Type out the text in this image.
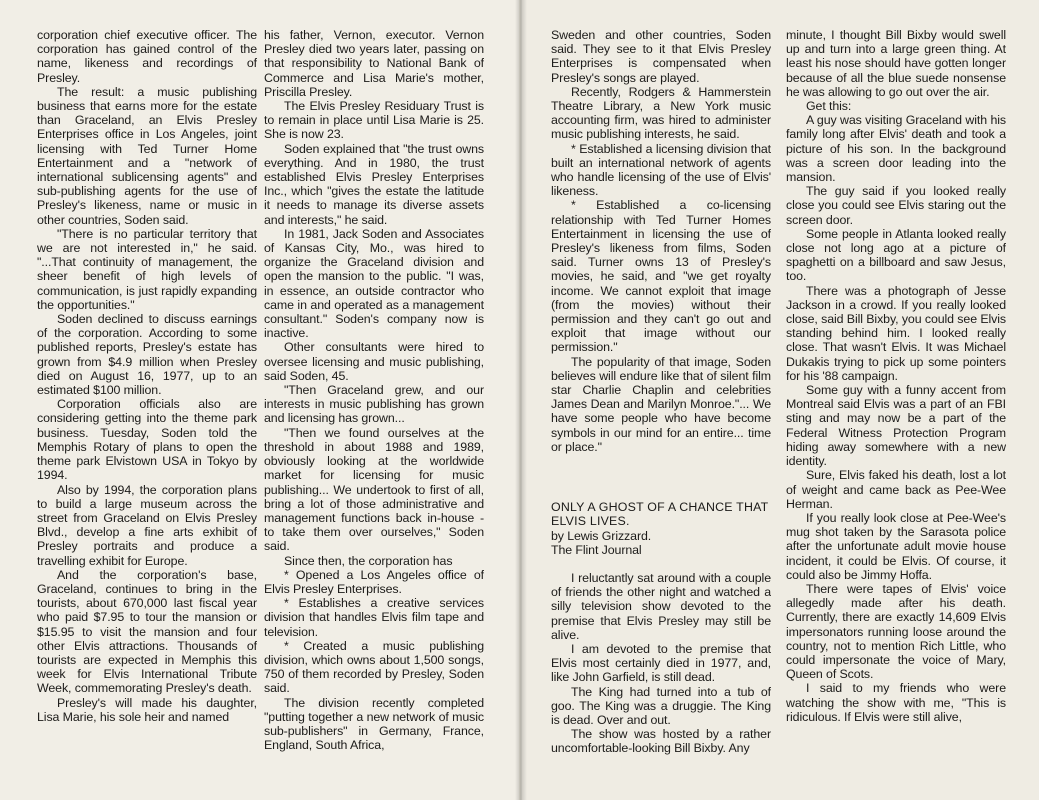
corporation chief executive officer. The corporation has gained control of the name, likeness and recordings of Presley.

The result: a music publishing business that earns more for the estate than Graceland, an Elvis Presley Enterprises office in Los Angeles, joint licensing with Ted Turner Home Entertainment and a "network of international sublicensing agents" and sub-publishing agents for the use of Presley's likeness, name or music in other countries, Soden said.

"There is no particular territory that we are not interested in," he said. "...That continuity of management, the sheer benefit of high levels of communication, is just rapidly expanding the opportunities."

Soden declined to discuss earnings of the corporation. According to some published reports, Presley's estate has grown from $4.9 million when Presley died on August 16, 1977, up to an estimated $100 million.

Corporation officials also are considering getting into the theme park business. Tuesday, Soden told the Memphis Rotary of plans to open the theme park Elvistown USA in Tokyo by 1994.

Also by 1994, the corporation plans to build a large museum across the street from Graceland on Elvis Presley Blvd., develop a fine arts exhibit of Presley portraits and produce a travelling exhibit for Europe.

And the corporation's base, Graceland, continues to bring in the tourists, about 670,000 last fiscal year who paid $7.95 to tour the mansion or $15.95 to visit the mansion and four other Elvis attractions. Thousands of tourists are expected in Memphis this week for Elvis International Tribute Week, commemorating Presley's death.

Presley's will made his daughter, Lisa Marie, his sole heir and named

his father, Vernon, executor. Vernon Presley died two years later, passing on that responsibility to National Bank of Commerce and Lisa Marie's mother, Priscilla Presley.

The Elvis Presley Residuary Trust is to remain in place until Lisa Marie is 25. She is now 23.

Soden explained that "the trust owns everything. And in 1980, the trust established Elvis Presley Enterprises Inc., which "gives the estate the latitude it needs to manage its diverse assets and interests," he said.

In 1981, Jack Soden and Associates of Kansas City, Mo., was hired to organize the Graceland division and open the mansion to the public. "I was, in essence, an outside contractor who came in and operated as a management consultant." Soden's company now is inactive.

Other consultants were hired to oversee licensing and music publishing, said Soden, 45.

"Then Graceland grew, and our interests in music publishing has grown and licensing has grown...

"Then we found ourselves at the threshold in about 1988 and 1989, obviously looking at the worldwide market for licensing for music publishing... We undertook to first of all, bring a lot of those administrative and management functions back in-house - to take them over ourselves," Soden said.

Since then, the corporation has

* Opened a Los Angeles office of Elvis Presley Enterprises.

* Establishes a creative services division that handles Elvis film tape and television.

* Created a music publishing division, which owns about 1,500 songs, 750 of them recorded by Presley, Soden said.

The division recently completed "putting together a new network of music sub-publishers" in Germany, France, England, South Africa,

Sweden and other countries, Soden said. They see to it that Elvis Presley Enterprises is compensated when Presley's songs are played.

Recently, Rodgers & Hammerstein Theatre Library, a New York music accounting firm, was hired to administer music publishing interests, he said.

* Established a licensing division that built an international network of agents who handle licensing of the use of Elvis' likeness.

* Established a co-licensing relationship with Ted Turner Homes Entertainment in licensing the use of Presley's likeness from films, Soden said. Turner owns 13 of Presley's movies, he said, and "we get royalty income. We cannot exploit that image (from the movies) without their permission and they can't go out and exploit that image without our permission."

The popularity of that image, Soden believes will endure like that of silent film star Charlie Chaplin and celebrities James Dean and Marilyn Monroe."... We have some people who have become symbols in our mind for an entire... time or place."

ONLY A GHOST OF A CHANCE THAT ELVIS LIVES.

by Lewis Grizzard.

The Flint Journal

I reluctantly sat around with a couple of friends the other night and watched a silly television show devoted to the premise that Elvis Presley may still be alive.

I am devoted to the premise that Elvis most certainly died in 1977, and, like John Garfield, is still dead.

The King had turned into a tub of goo. The King was a druggie. The King is dead. Over and out.

The show was hosted by a rather uncomfortable-looking Bill Bixby. Any

minute, I thought Bill Bixby would swell up and turn into a large green thing. At least his nose should have gotten longer because of all the blue suede nonsense he was allowing to go out over the air.

Get this:

A guy was visiting Graceland with his family long after Elvis' death and took a picture of his son. In the background was a screen door leading into the mansion.

The guy said if you looked really close you could see Elvis staring out the screen door.

Some people in Atlanta looked really close not long ago at a picture of spaghetti on a billboard and saw Jesus, too.

There was a photograph of Jesse Jackson in a crowd. If you really looked close, said Bill Bixby, you could see Elvis standing behind him. I looked really close. That wasn't Elvis. It was Michael Dukakis trying to pick up some pointers for his '88 campaign.

Some guy with a funny accent from Montreal said Elvis was a part of an FBI sting and may now be a part of the Federal Witness Protection Program hiding away somewhere with a new identity.

Sure, Elvis faked his death, lost a lot of weight and came back as Pee-Wee Herman.

If you really look close at Pee-Wee's mug shot taken by the Sarasota police after the unfortunate adult movie house incident, it could be Elvis. Of course, it could also be Jimmy Hoffa.

There were tapes of Elvis' voice allegedly made after his death. Currently, there are exactly 14,609 Elvis impersonators running loose around the country, not to mention Rich Little, who could impersonate the voice of Mary, Queen of Scots.

I said to my friends who were watching the show with me, "This is ridiculous. If Elvis were still alive,
